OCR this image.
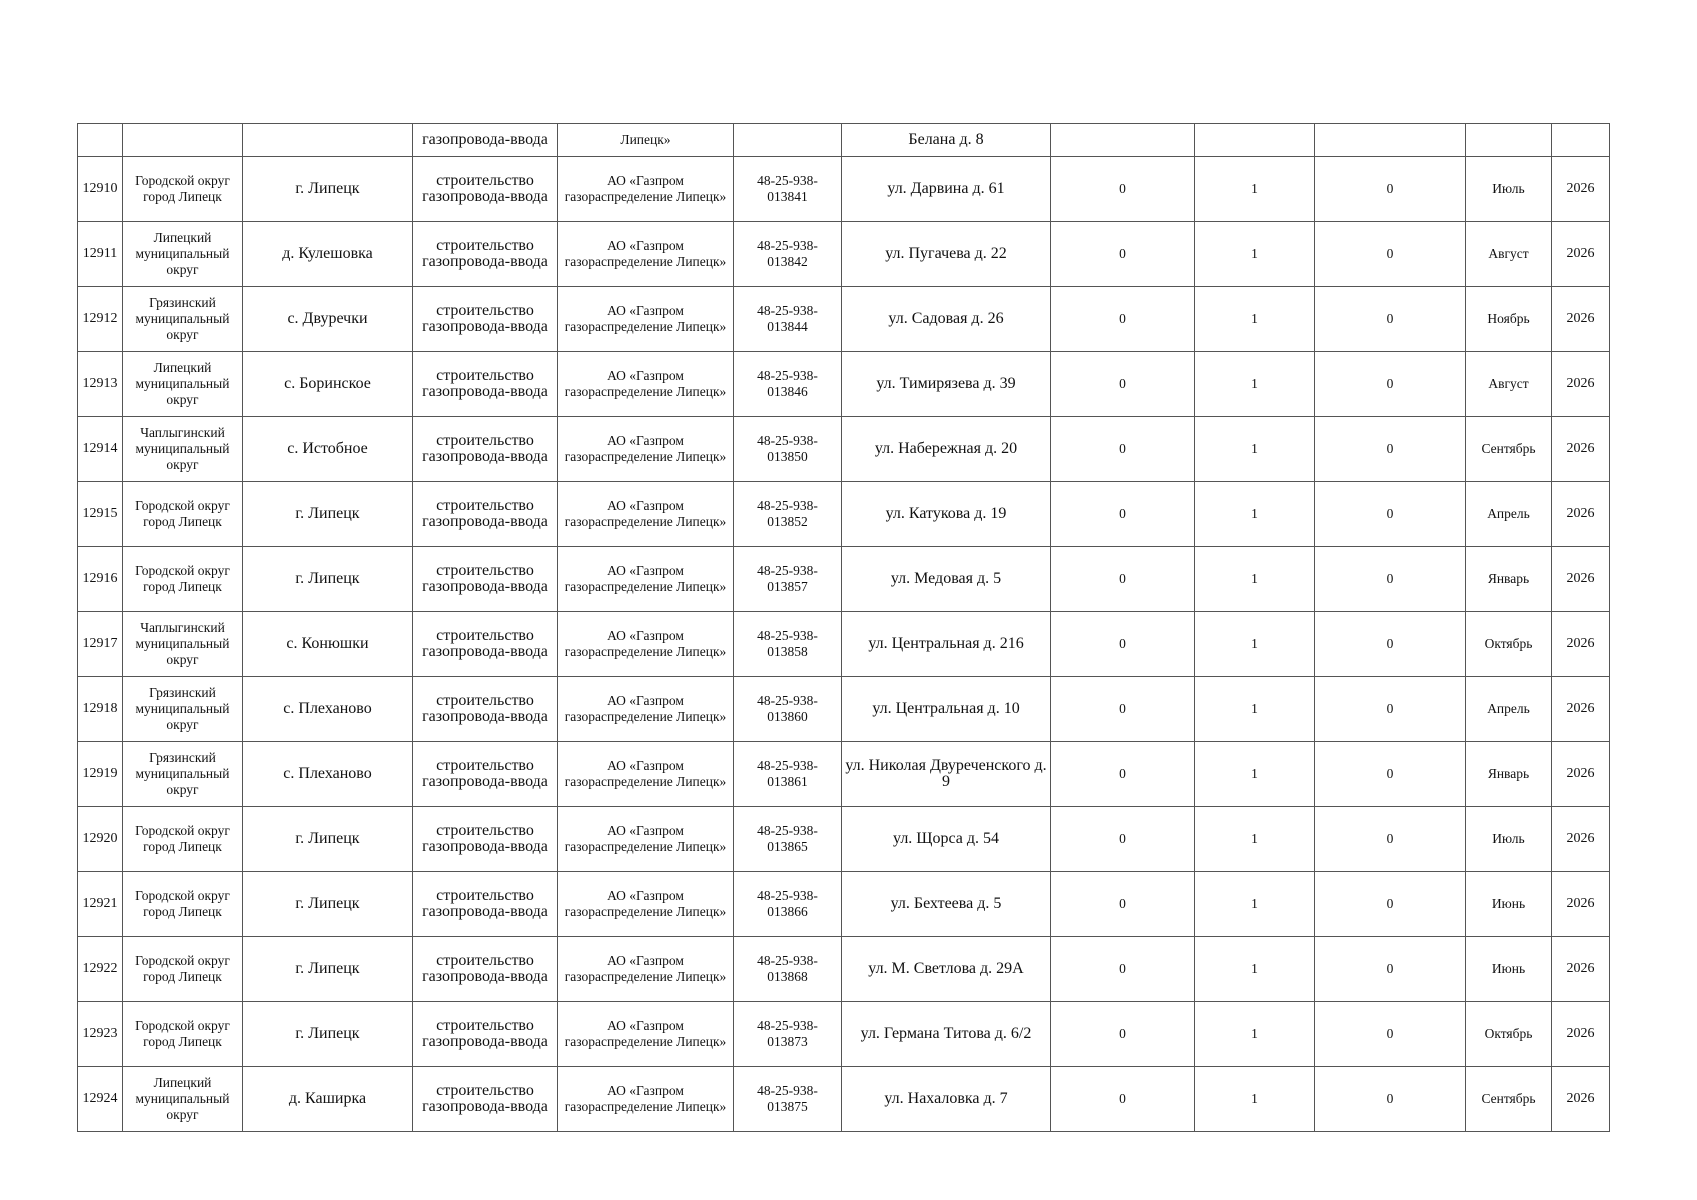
			газопровода-ввода	Липецк»		Белана д. 8					
12910	Городской округ город Липецк	г. Липецк	строительство газопровода-ввода	АО «Газпром газораспределение Липецк»	48-25-938-013841	ул. Дарвина д. 61	0	1	0	Июль	2026
12911	Липецкий муниципальный округ	д. Кулешовка	строительство газопровода-ввода	АО «Газпром газораспределение Липецк»	48-25-938-013842	ул. Пугачева д. 22	0	1	0	Август	2026
12912	Грязинский муниципальный округ	с. Двуречки	строительство газопровода-ввода	АО «Газпром газораспределение Липецк»	48-25-938-013844	ул. Садовая д. 26	0	1	0	Ноябрь	2026
12913	Липецкий муниципальный округ	с. Боринское	строительство газопровода-ввода	АО «Газпром газораспределение Липецк»	48-25-938-013846	ул. Тимирязева д. 39	0	1	0	Август	2026
12914	Чаплыгинский муниципальный округ	с. Истобное	строительство газопровода-ввода	АО «Газпром газораспределение Липецк»	48-25-938-013850	ул. Набережная д. 20	0	1	0	Сентябрь	2026
12915	Городской округ город Липецк	г. Липецк	строительство газопровода-ввода	АО «Газпром газораспределение Липецк»	48-25-938-013852	ул. Катукова д. 19	0	1	0	Апрель	2026
12916	Городской округ город Липецк	г. Липецк	строительство газопровода-ввода	АО «Газпром газораспределение Липецк»	48-25-938-013857	ул. Медовая д. 5	0	1	0	Январь	2026
12917	Чаплыгинский муниципальный округ	с. Конюшки	строительство газопровода-ввода	АО «Газпром газораспределение Липецк»	48-25-938-013858	ул. Центральная д. 216	0	1	0	Октябрь	2026
12918	Грязинский муниципальный округ	с. Плеханово	строительство газопровода-ввода	АО «Газпром газораспределение Липецк»	48-25-938-013860	ул. Центральная д. 10	0	1	0	Апрель	2026
12919	Грязинский муниципальный округ	с. Плеханово	строительство газопровода-ввода	АО «Газпром газораспределение Липецк»	48-25-938-013861	ул. Николая Двуреченского д. 9	0	1	0	Январь	2026
12920	Городской округ город Липецк	г. Липецк	строительство газопровода-ввода	АО «Газпром газораспределение Липецк»	48-25-938-013865	ул. Щорса д. 54	0	1	0	Июль	2026
12921	Городской округ город Липецк	г. Липецк	строительство газопровода-ввода	АО «Газпром газораспределение Липецк»	48-25-938-013866	ул. Бехтеева д. 5	0	1	0	Июнь	2026
12922	Городской округ город Липецк	г. Липецк	строительство газопровода-ввода	АО «Газпром газораспределение Липецк»	48-25-938-013868	ул. М. Светлова д. 29А	0	1	0	Июнь	2026
12923	Городской округ город Липецк	г. Липецк	строительство газопровода-ввода	АО «Газпром газораспределение Липецк»	48-25-938-013873	ул. Германа Титова д. 6/2	0	1	0	Октябрь	2026
12924	Липецкий муниципальный округ	д. Каширка	строительство газопровода-ввода	АО «Газпром газораспределение Липецк»	48-25-938-013875	ул. Нахаловка д. 7	0	1	0	Сентябрь	2026
